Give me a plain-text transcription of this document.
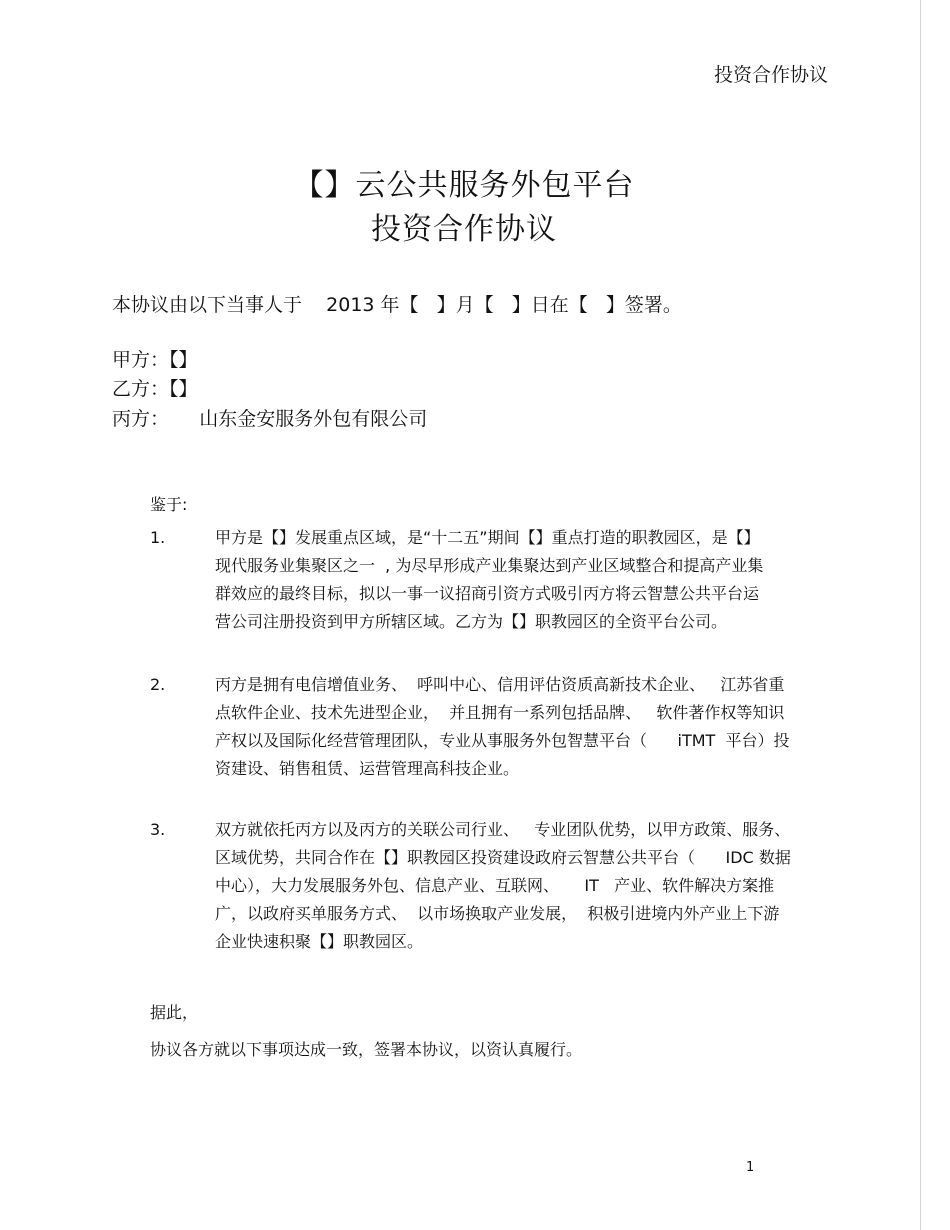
投资合作协议
【】云公共服务外包平台
投资合作协议
本协议由以下当事人于    2013 年【   】月【   】日在【   】签署。
甲方：【】
乙方：【】
丙方：     山东金安服务外包有限公司
鉴于:
1.	甲方是【】发展重点区域，是“十二五”期间【】重点打造的职教园区，是【】
现代服务业集聚区之一  , 为尽早形成产业集聚达到产业区域整合和提高产业集
群效应的最终目标，拟以一事一议招商引资方式吸引丙方将云智慧公共平台运
营公司注册投资到甲方所辖区域。乙方为【】职教园区的全资平台公司。
2.	丙方是拥有电信增值业务、  呼叫中心、信用评估资质高新技术企业、   江苏省重
点软件企业、技术先进型企业，  并且拥有一系列包括品牌、   软件著作权等知识
产权以及国际化经营管理团队，专业从事服务外包智慧平台（      iTMT  平台）投
资建设、销售租赁、运营管理高科技企业。
3.	双方就依托丙方以及丙方的关联公司行业、   专业团队优势，以甲方政策、服务、
区域优势，共同合作在【】职教园区投资建设政府云智慧公共平台（      IDC 数据
中心），大力发展服务外包、信息产业、互联网、     IT   产业、软件解决方案推
广，以政府买单服务方式、  以市场换取产业发展，  积极引进境内外产业上下游
企业快速积聚【】职教园区。
据此，
协议各方就以下事项达成一致，签署本协议，以资认真履行。
1
